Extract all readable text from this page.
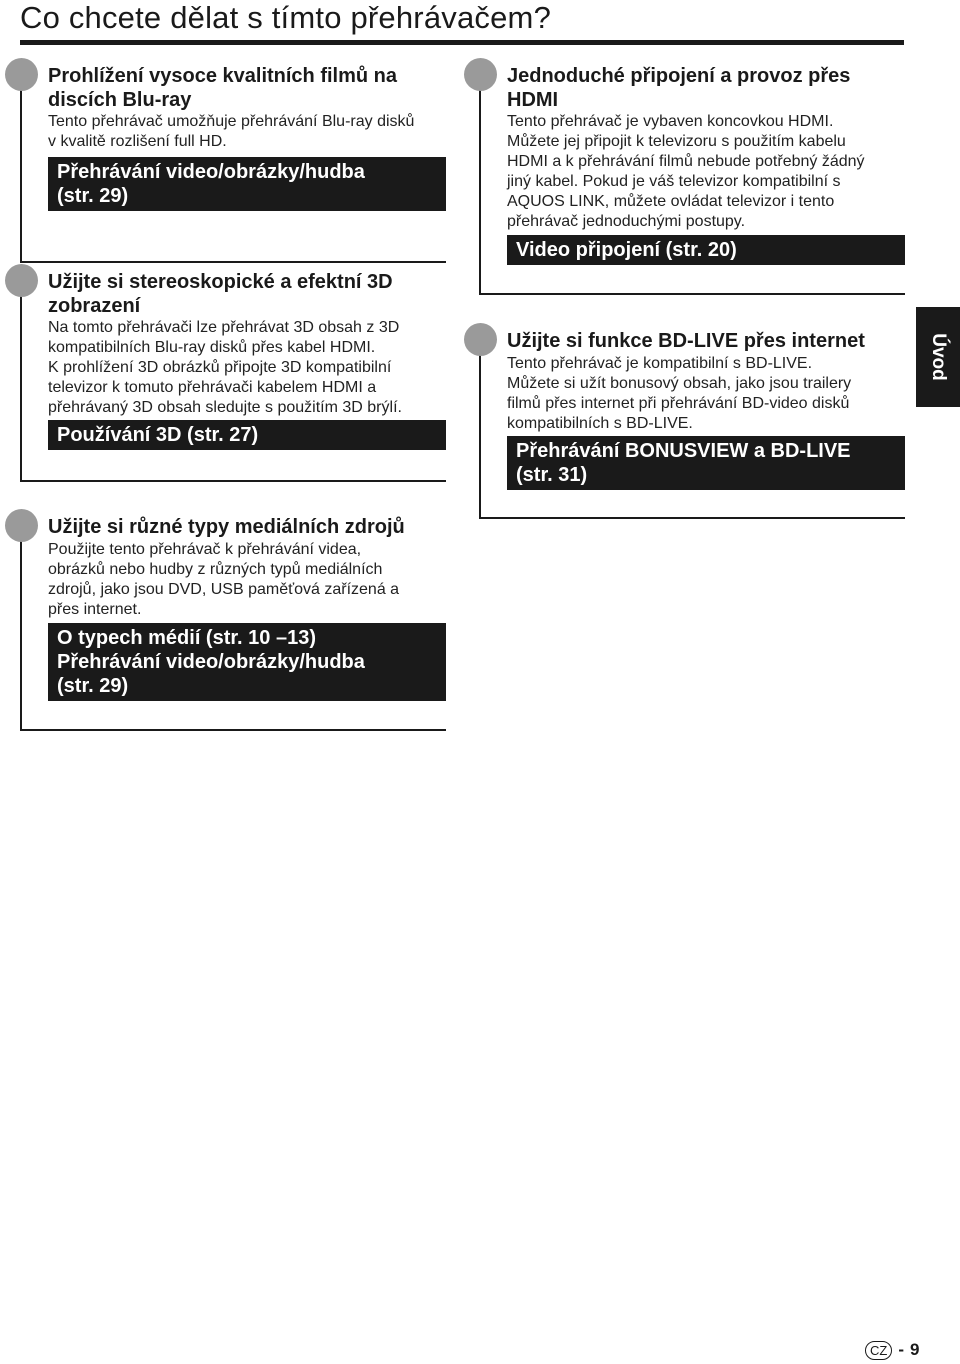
Co chcete dělat s tímto přehrávačem?
Prohlížení vysoce kvalitních filmů na
discích Blu-ray
Tento přehrávač umožňuje přehrávání Blu-ray disků
v kvalitě rozlišení full HD.
Přehrávání video/obrázky/hudba
(str. 29)
Užijte si stereoskopické a efektní 3D
zobrazení
Na tomto přehrávači lze přehrávat 3D obsah z 3D
kompatibilních Blu-ray disků přes kabel HDMI.
K prohlížení 3D obrázků připojte 3D kompatibilní
televizor k tomuto přehrávači kabelem HDMI a
přehrávaný 3D obsah sledujte s použitím 3D brýlí.
Používání 3D (str. 27)
Užijte si různé typy mediálních zdrojů
Použijte tento přehrávač k přehrávání videa,
obrázků nebo hudby z různých typů mediálních
zdrojů, jako jsou DVD, USB paměťová zařízená a
přes internet.
O typech médií (str. 10 –13)
Přehrávání video/obrázky/hudba
(str. 29)
Jednoduché připojení a provoz přes
HDMI
Tento přehrávač je vybaven koncovkou HDMI.
Můžete jej připojit k televizoru s použitím kabelu
HDMI a k přehrávání filmů nebude potřebný žádný
jiný kabel. Pokud je váš televizor kompatibilní s
AQUOS LINK, můžete ovládat televizor i tento
přehrávač jednoduchými postupy.
Video připojení (str. 20)
Užijte si funkce BD-LIVE přes internet
Tento přehrávač je kompatibilní s BD-LIVE.
Můžete si užít bonusový obsah, jako jsou trailery
filmů přes internet při přehrávání BD-video disků
kompatibilních s BD-LIVE.
Přehrávání BONUSVIEW a BD-LIVE
(str. 31)
Úvod
CZ - 9
